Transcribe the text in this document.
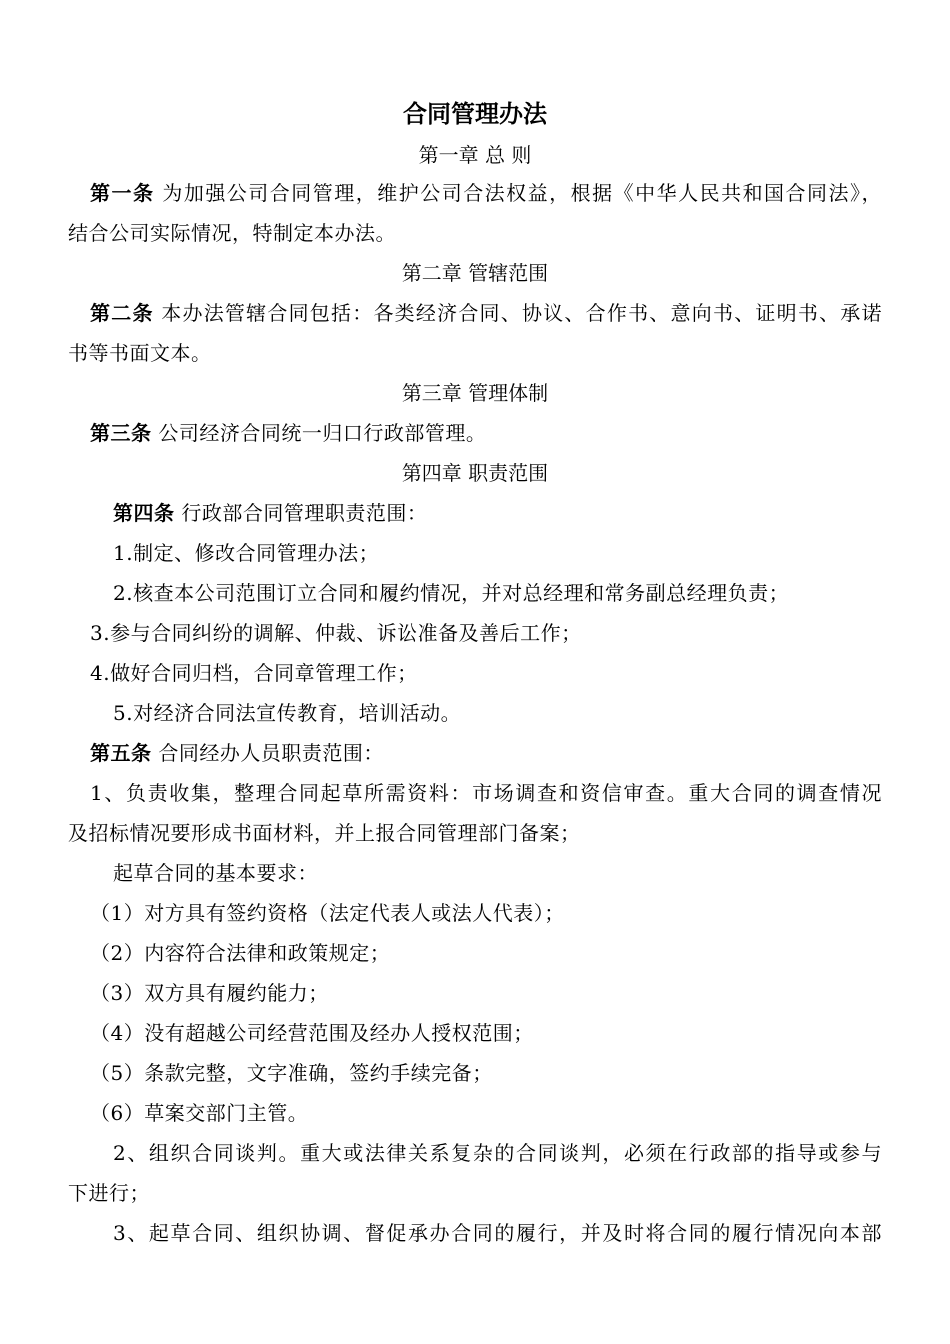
合同管理办法
第一章 总 则
第一条 为加强公司合同管理，维护公司合法权益，根据《中华人民共和国合同法》，
结合公司实际情况，特制定本办法。
第二章 管辖范围
第二条 本办法管辖合同包括：各类经济合同、协议、合作书、意向书、证明书、承诺
书等书面文本。
第三章 管理体制
第三条 公司经济合同统一归口行政部管理。
第四章 职责范围
第四条 行政部合同管理职责范围：
1.制定、修改合同管理办法；
2.核查本公司范围订立合同和履约情况，并对总经理和常务副总经理负责；
3.参与合同纠纷的调解、仲裁、诉讼准备及善后工作；
4.做好合同归档，合同章管理工作；
5.对经济合同法宣传教育，培训活动。
第五条 合同经办人员职责范围：
1、负责收集，整理合同起草所需资料：市场调查和资信审查。重大合同的调查情况
及招标情况要形成书面材料，并上报合同管理部门备案；
起草合同的基本要求：
（1）对方具有签约资格（法定代表人或法人代表）；
（2）内容符合法律和政策规定；
（3）双方具有履约能力；
（4）没有超越公司经营范围及经办人授权范围；
（5）条款完整，文字准确，签约手续完备；
（6）草案交部门主管。
2、组织合同谈判。重大或法律关系复杂的合同谈判，必须在行政部的指导或参与
下进行；
3、起草合同、组织协调、督促承办合同的履行，并及时将合同的履行情况向本部
